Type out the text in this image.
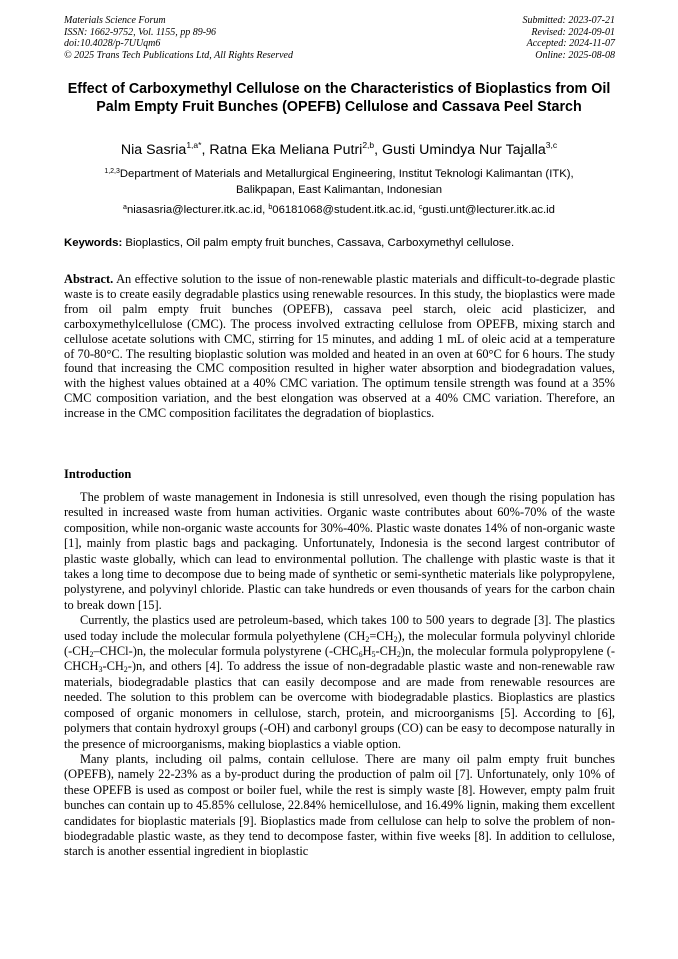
Materials Science Forum
ISSN: 1662-9752, Vol. 1155, pp 89-96
doi:10.4028/p-7UUqm6
© 2025 Trans Tech Publications Ltd, All Rights Reserved
Submitted: 2023-07-21
Revised: 2024-09-01
Accepted: 2024-11-07
Online: 2025-08-08
Effect of Carboxymethyl Cellulose on the Characteristics of Bioplastics from Oil Palm Empty Fruit Bunches (OPEFB) Cellulose and Cassava Peel Starch
Nia Sasria$^{1,a*}$, Ratna Eka Meliana Putri$^{2,b}$, Gusti Umindya Nur Tajalla$^{3,c}$
$^{1,2,3}$Department of Materials and Metallurgical Engineering, Institut Teknologi Kalimantan (ITK),
Balikpapan, East Kalimantan, Indonesian
$^a$niasasria@lecturer.itk.ac.id, $^b$06181068@student.itk.ac.id, $^c$gusti.unt@lecturer.itk.ac.id
Keywords: Bioplastics, Oil palm empty fruit bunches, Cassava, Carboxymethyl cellulose.

Abstract. An effective solution to the issue of non-renewable plastic materials and difficult-to-degrade plastic waste is to create easily degradable plastics using renewable resources. In this study, the bioplastics were made from oil palm empty fruit bunches (OPEFB), cassava peel starch, oleic acid plasticizer, and carboxymethylcellulose (CMC). The process involved extracting cellulose from OPEFB, mixing starch and cellulose acetate solutions with CMC, stirring for 15 minutes, and adding 1 mL of oleic acid at a temperature of 70-80°C. The resulting bioplastic solution was molded and heated in an oven at 60°C for 6 hours. The study found that increasing the CMC composition resulted in higher water absorption and biodegradation values, with the highest values obtained at a 40% CMC variation. The optimum tensile strength was found at a 35% CMC composition variation, and the best elongation was observed at a 40% CMC variation. Therefore, an increase in the CMC composition facilitates the degradation of bioplastics.

Introduction

The problem of waste management in Indonesia is still unresolved, even though the rising population has resulted in increased waste from human activities. Organic waste contributes about 60%-70% of the waste composition, while non-organic waste accounts for 30%-40%. Plastic waste donates 14% of non-organic waste [1], mainly from plastic bags and packaging. Unfortunately, Indonesia is the second largest contributor of plastic waste globally, which can lead to environmental pollution. The challenge with plastic waste is that it takes a long time to decompose due to being made of synthetic or semi-synthetic materials like polypropylene, polystyrene, and polyvinyl chloride. Plastic can take hundreds or even thousands of years for the carbon chain to break down [15].

Currently, the plastics used are petroleum-based, which takes 100 to 500 years to degrade [3]. The plastics used today include the molecular formula polyethylene $(CH_2=CH_2)$, the molecular formula polyvinyl chloride $(-CH_2-CHCl-)n$, the molecular formula polystyrene $(-CHC_6H_5-CH_2)n$, the molecular formula polypropylene $(-CHCH_3-CH_2-)n$, and others [4]. To address the issue of non-degradable plastic waste and non-renewable raw materials, biodegradable plastics that can easily decompose and are made from renewable resources are needed. The solution to this problem can be overcome with biodegradable plastics. Bioplastics are plastics composed of organic monomers in cellulose, starch, protein, and microorganisms [5]. According to [6], polymers that contain hydroxyl groups (-OH) and carbonyl groups (CO) can be easy to decompose naturally in the presence of microorganisms, making bioplastics a viable option.

Many plants, including oil palms, contain cellulose. There are many oil palm empty fruit bunches (OPEFB), namely 22-23% as a by-product during the production of palm oil [7]. Unfortunately, only 10% of these OPEFB is used as compost or boiler fuel, while the rest is simply waste [8]. However, empty palm fruit bunches can contain up to 45.85% cellulose, 22.84% hemicellulose, and 16.49% lignin, making them excellent candidates for bioplastic materials [9]. Bioplastics made from cellulose can help to solve the problem of non-biodegradable plastic waste, as they tend to decompose faster, within five weeks [8]. In addition to cellulose, starch is another essential ingredient in bioplastic
